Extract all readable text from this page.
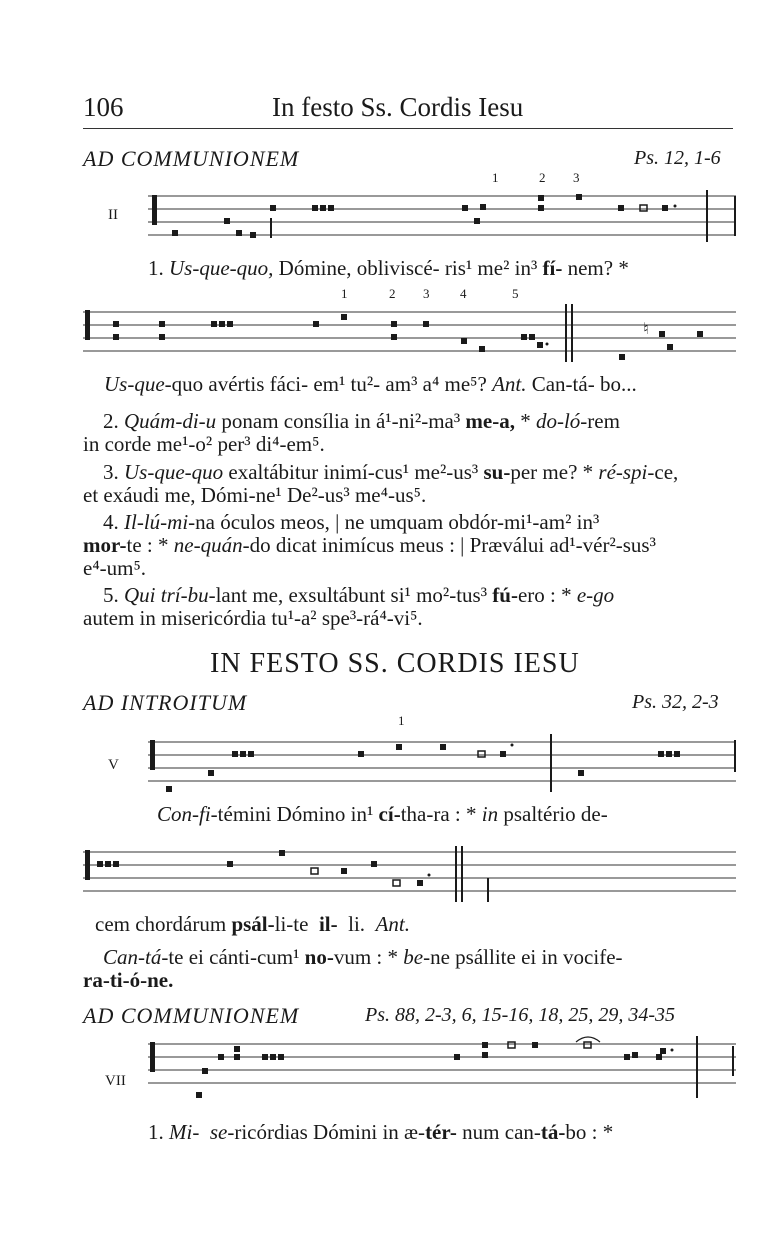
106	In festo Ss. Cordis Iesu
AD COMMUNIONEM	Ps. 12, 1-6
1	2 3
II
1. Us-que-quo, Dómine, obliviscé- ris¹ me² in³ fí- nem? *
1	2 3 4	5
♮
Us-que-quo avértis fáci- em¹ tu²- am³ a⁴ me⁵? Ant. Can-tá- bo...
2. Quám-di-u ponam consília in á¹-ni²-ma³ me-a, * do-ló-rem
in corde me¹-o² per³ di⁴-em⁵.
3. Us-que-quo exaltábitur inimí-cus¹ me²-us³ su-per me? * ré-spi-ce,
et exáudi me, Dómi-ne¹ De²-us³ me⁴-us⁵.
4. Il-lú-mi-na óculos meos, | ne umquam obdór-mi¹-am² in³
mor-te : * ne-quán-do dicat inimícus meus : | Præválui ad¹-vér²-sus³
e⁴-um⁵.
5. Qui trí-bu-lant me, exsultábunt si¹ mo²-tus³ fú-ero : * e-go
autem in misericórdia tu¹-a² spe³-rá⁴-vi⁵.
IN FESTO SS. CORDIS IESU
AD INTROITUM	Ps. 32, 2-3
1
V
Con-fi-témini Dómino in¹ cí-tha-ra : * in psaltério de-
cem chordárum psál-li-te il- li. Ant.
Can-tá-te ei cánti-cum¹ no-vum : * be-ne psállite ei in vocife-
ra-ti-ó-ne.
AD COMMUNIONEM	Ps. 88, 2-3, 6, 15-16, 18, 25, 29, 34-35
VII
1. Mi- se-ricórdias Dómini in æ-tér- num can-tá-bo : *
